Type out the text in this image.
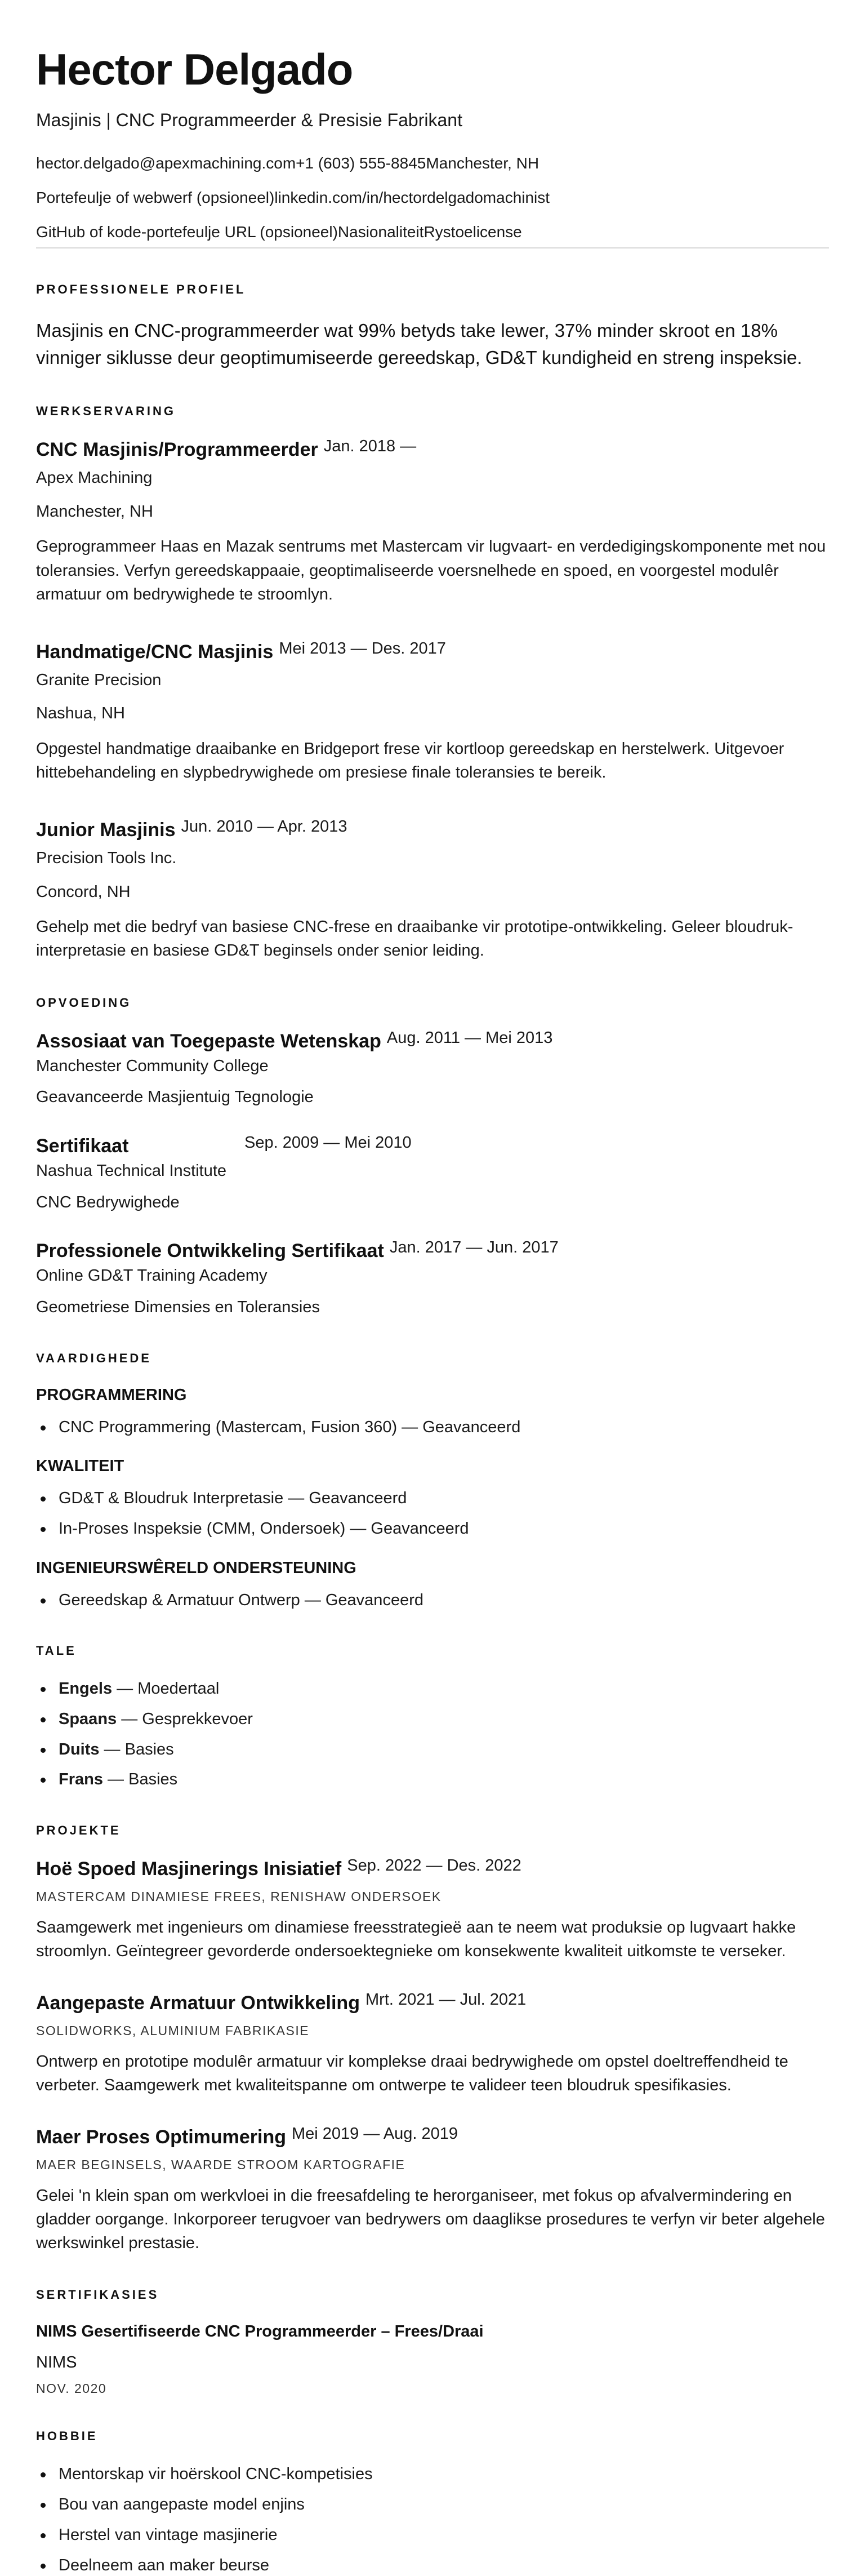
Hector Delgado
Masjinis | CNC Programmeerder & Presisie Fabrikant
hector.delgado@apexmachining.com+1 (603) 555-8845Manchester, NH
Portefeulje of webwerf (opsioneel)linkedin.com/in/hectordelgadomachinist
GitHub of kode-portefeulje URL (opsioneel)NasionaliteitRystoelicense
PROFESSIONELE PROFIEL
Masjinis en CNC-programmeerder wat 99% betyds take lewer, 37% minder skroot en 18% vinniger siklusse deur geoptimumiseerde gereedskap, GD&T kundigheid en streng inspeksie.
WERKSERVARING
CNC Masjinis/Programmeerder Jan. 2018 —
Apex Machining
Manchester, NH
Geprogrammeer Haas en Mazak sentrums met Mastercam vir lugvaart- en verdedigingskomponente met nou toleransies. Verfyn gereedskappaaie, geoptimaliseerde voersnelhede en spoed, en voorgestel modulêr armatuur om bedrywighede te stroomlyn.
Handmatige/CNC Masjinis Mei 2013 — Des. 2017
Granite Precision
Nashua, NH
Opgestel handmatige draaibanke en Bridgeport frese vir kortloop gereedskap en herstelwerk. Uitgevoer hittebehandeling en slypbedrywighede om presiese finale toleransies te bereik.
Junior Masjinis Jun. 2010 — Apr. 2013
Precision Tools Inc.
Concord, NH
Gehelp met die bedryf van basiese CNC-frese en draaibanke vir prototipe-ontwikkeling. Geleer bloudruk-interpretasie en basiese GD&T beginsels onder senior leiding.
OPVOEDING
Assosiaat van Toegepaste Wetenskap Aug. 2011 — Mei 2013
Manchester Community College
Geavanceerde Masjientuig Tegnologie
Sertifikaat	Sep. 2009 — Mei 2010
Nashua Technical Institute
CNC Bedrywighede
Professionele Ontwikkeling Sertifikaat Jan. 2017 — Jun. 2017
Online GD&T Training Academy
Geometriese Dimensies en Toleransies
VAARDIGHEDE
PROGRAMMERING
CNC Programmering (Mastercam, Fusion 360) — Geavanceerd
KWALITEIT
GD&T & Bloudruk Interpretasie — Geavanceerd
In-Proses Inspeksie (CMM, Ondersoek) — Geavanceerd
INGENIEURSWÊRELD ONDERSTEUNING
Gereedskap & Armatuur Ontwerp — Geavanceerd
TALE
Engels — Moedertaal
Spaans — Gesprekkevoer
Duits — Basies
Frans — Basies
PROJEKTE
Hoë Spoed Masjinerings Inisiatief Sep. 2022 — Des. 2022
MASTERCAM DINAMIESE FREES, RENISHAW ONDERSOEK
Saamgewerk met ingenieurs om dinamiese freesstrategieë aan te neem wat produksie op lugvaart hakke stroomlyn. Geïntegreer gevorderde ondersoektegnieke om konsekwente kwaliteit uitkomste te verseker.
Aangepaste Armatuur Ontwikkeling Mrt. 2021 — Jul. 2021
SOLIDWORKS, ALUMINIUM FABRIKASIE
Ontwerp en prototipe modulêr armatuur vir komplekse draai bedrywighede om opstel doeltreffendheid te verbeter. Saamgewerk met kwaliteitspanne om ontwerpe te valideer teen bloudruk spesifikasies.
Maer Proses Optimumering Mei 2019 — Aug. 2019
MAER BEGINSELS, WAARDE STROOM KARTOGRAFIE
Gelei 'n klein span om werkvloei in die freesafdeling te herorganiseer, met fokus op afvalvermindering en gladder oorgange. Inkorporeer terugvoer van bedrywers om daaglikse prosedures te verfyn vir beter algehele werkswinkel prestasie.
SERTIFIKASIES
NIMS Gesertifiseerde CNC Programmeerder – Frees/Draai
NIMS
NOV. 2020
HOBBIE
Mentorskap vir hoërskool CNC-kompetisies
Bou van aangepaste model enjins
Herstel van vintage masjinerie
Deelneem aan maker beurse
